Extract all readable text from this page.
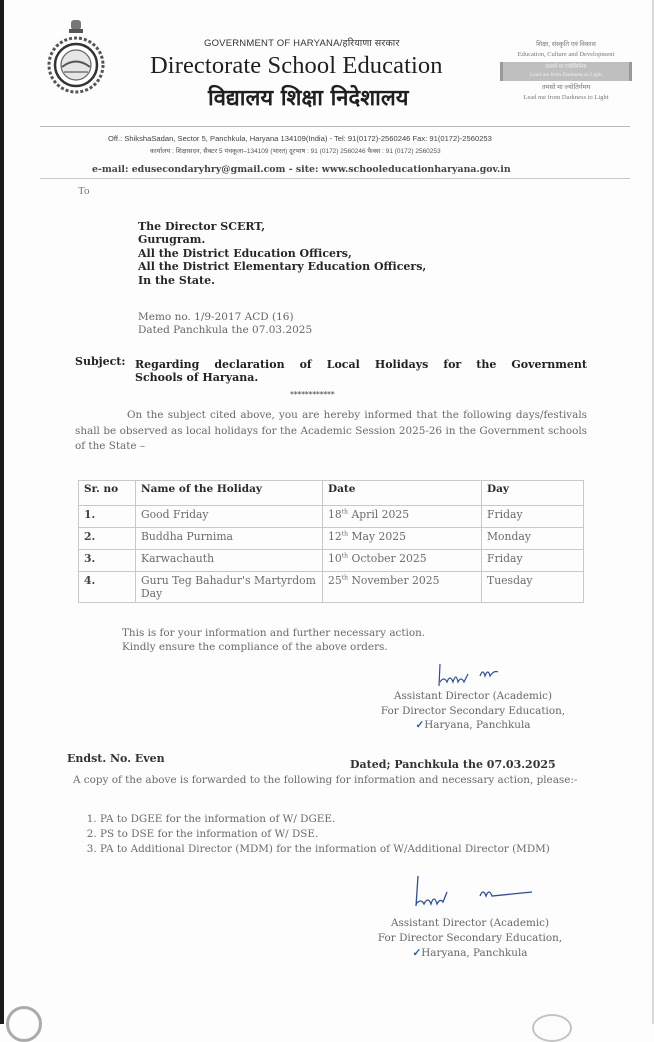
GOVERNMENT OF HARYANA/हरियाणा सरकार
Directorate School Education
विद्यालय शिक्षा निदेशालय
शिक्षा, संस्कृति एवं विकास
Education, Culture and Development
तमसो मा ज्योतिर्गमय
Lead me from Darkness to Light
तमसो मा ज्योतिर्गमय
Lead me from Darkness to Light
Off.: ShikshaSadan, Sector 5, Panchkula, Haryana 134109(India) - Tel: 91(0172)-2560246 Fax: 91(0172)-2560253
कार्यालय : शिक्षासदन, सैक्टर 5 पंचकूला–134109 (भारत) दूरभाष : 91 (0172) 2560246 फैक्स : 91 (0172) 2560253
e-mail: edusecondaryhry@gmail.com - site: www.schooleducationharyana.gov.in
To
The Director SCERT,
Gurugram.
All the District Education Officers,
All the District Elementary Education Officers,
In the State.
Memo no. 1/9-2017 ACD (16)
Dated Panchkula the 07.03.2025
Subject: Regarding declaration of Local Holidays for the Government
Schools of Haryana.
************
On the subject cited above, you are hereby informed that the following days/festivals shall be observed as local holidays for the Academic Session 2025-26 in the Government schools of the State –
Sr. no	Name of the Holiday	Date	Day
1.	Good Friday	18th April 2025	Friday
2.	Buddha Purnima	12th May 2025	Monday
3.	Karwachauth	10th October 2025	Friday
4.	Guru Teg Bahadur's Martyrdom Day	25th November 2025	Tuesday
This is for your information and further necessary action.
Kindly ensure the compliance of the above orders.
Assistant Director (Academic)
For Director Secondary Education,
✓Haryana, Panchkula
Endst. No. Even	Dated; Panchkula the 07.03.2025
A copy of the above is forwarded to the following for information and necessary action, please:-
1. PA to DGEE for the information of W/ DGEE.
2. PS to DSE for the information of W/ DSE.
3. PA to Additional Director (MDM) for the information of W/Additional Director (MDM)
Assistant Director (Academic)
For Director Secondary Education,
✓Haryana, Panchkula
